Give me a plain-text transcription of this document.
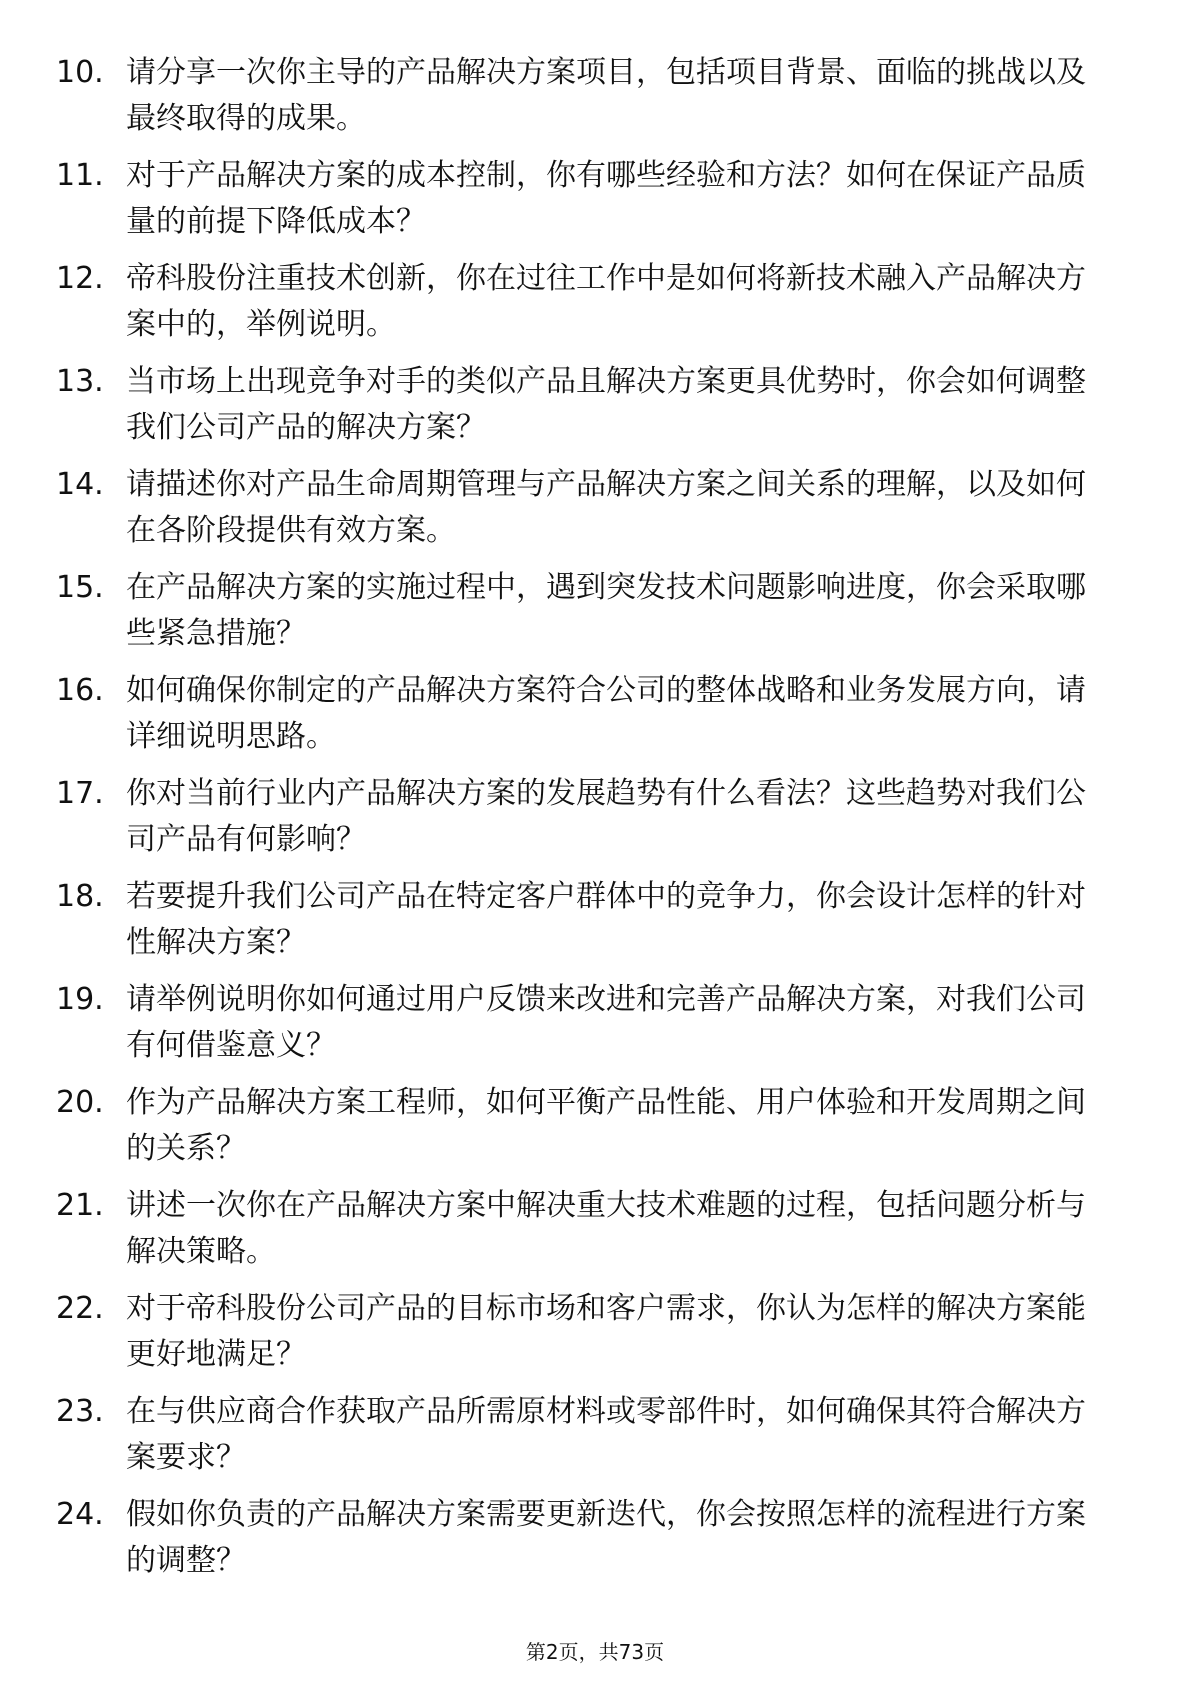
10. 请分享一次你主导的产品解决方案项目，包括项目背景、面临的挑战以及最终取得的成果。
11. 对于产品解决方案的成本控制，你有哪些经验和方法？如何在保证产品质量的前提下降低成本？
12. 帝科股份注重技术创新，你在过往工作中是如何将新技术融入产品解决方案中的，举例说明。
13. 当市场上出现竞争对手的类似产品且解决方案更具优势时，你会如何调整我们公司产品的解决方案？
14. 请描述你对产品生命周期管理与产品解决方案之间关系的理解，以及如何在各阶段提供有效方案。
15. 在产品解决方案的实施过程中，遇到突发技术问题影响进度，你会采取哪些紧急措施？
16. 如何确保你制定的产品解决方案符合公司的整体战略和业务发展方向，请详细说明思路。
17. 你对当前行业内产品解决方案的发展趋势有什么看法？这些趋势对我们公司产品有何影响？
18. 若要提升我们公司产品在特定客户群体中的竞争力，你会设计怎样的针对性解决方案？
19. 请举例说明你如何通过用户反馈来改进和完善产品解决方案，对我们公司有何借鉴意义？
20. 作为产品解决方案工程师，如何平衡产品性能、用户体验和开发周期之间的关系？
21. 讲述一次你在产品解决方案中解决重大技术难题的过程，包括问题分析与解决策略。
22. 对于帝科股份公司产品的目标市场和客户需求，你认为怎样的解决方案能更好地满足？
23. 在与供应商合作获取产品所需原材料或零部件时，如何确保其符合解决方案要求？
24. 假如你负责的产品解决方案需要更新迭代，你会按照怎样的流程进行方案的调整？
第2页，共73页
